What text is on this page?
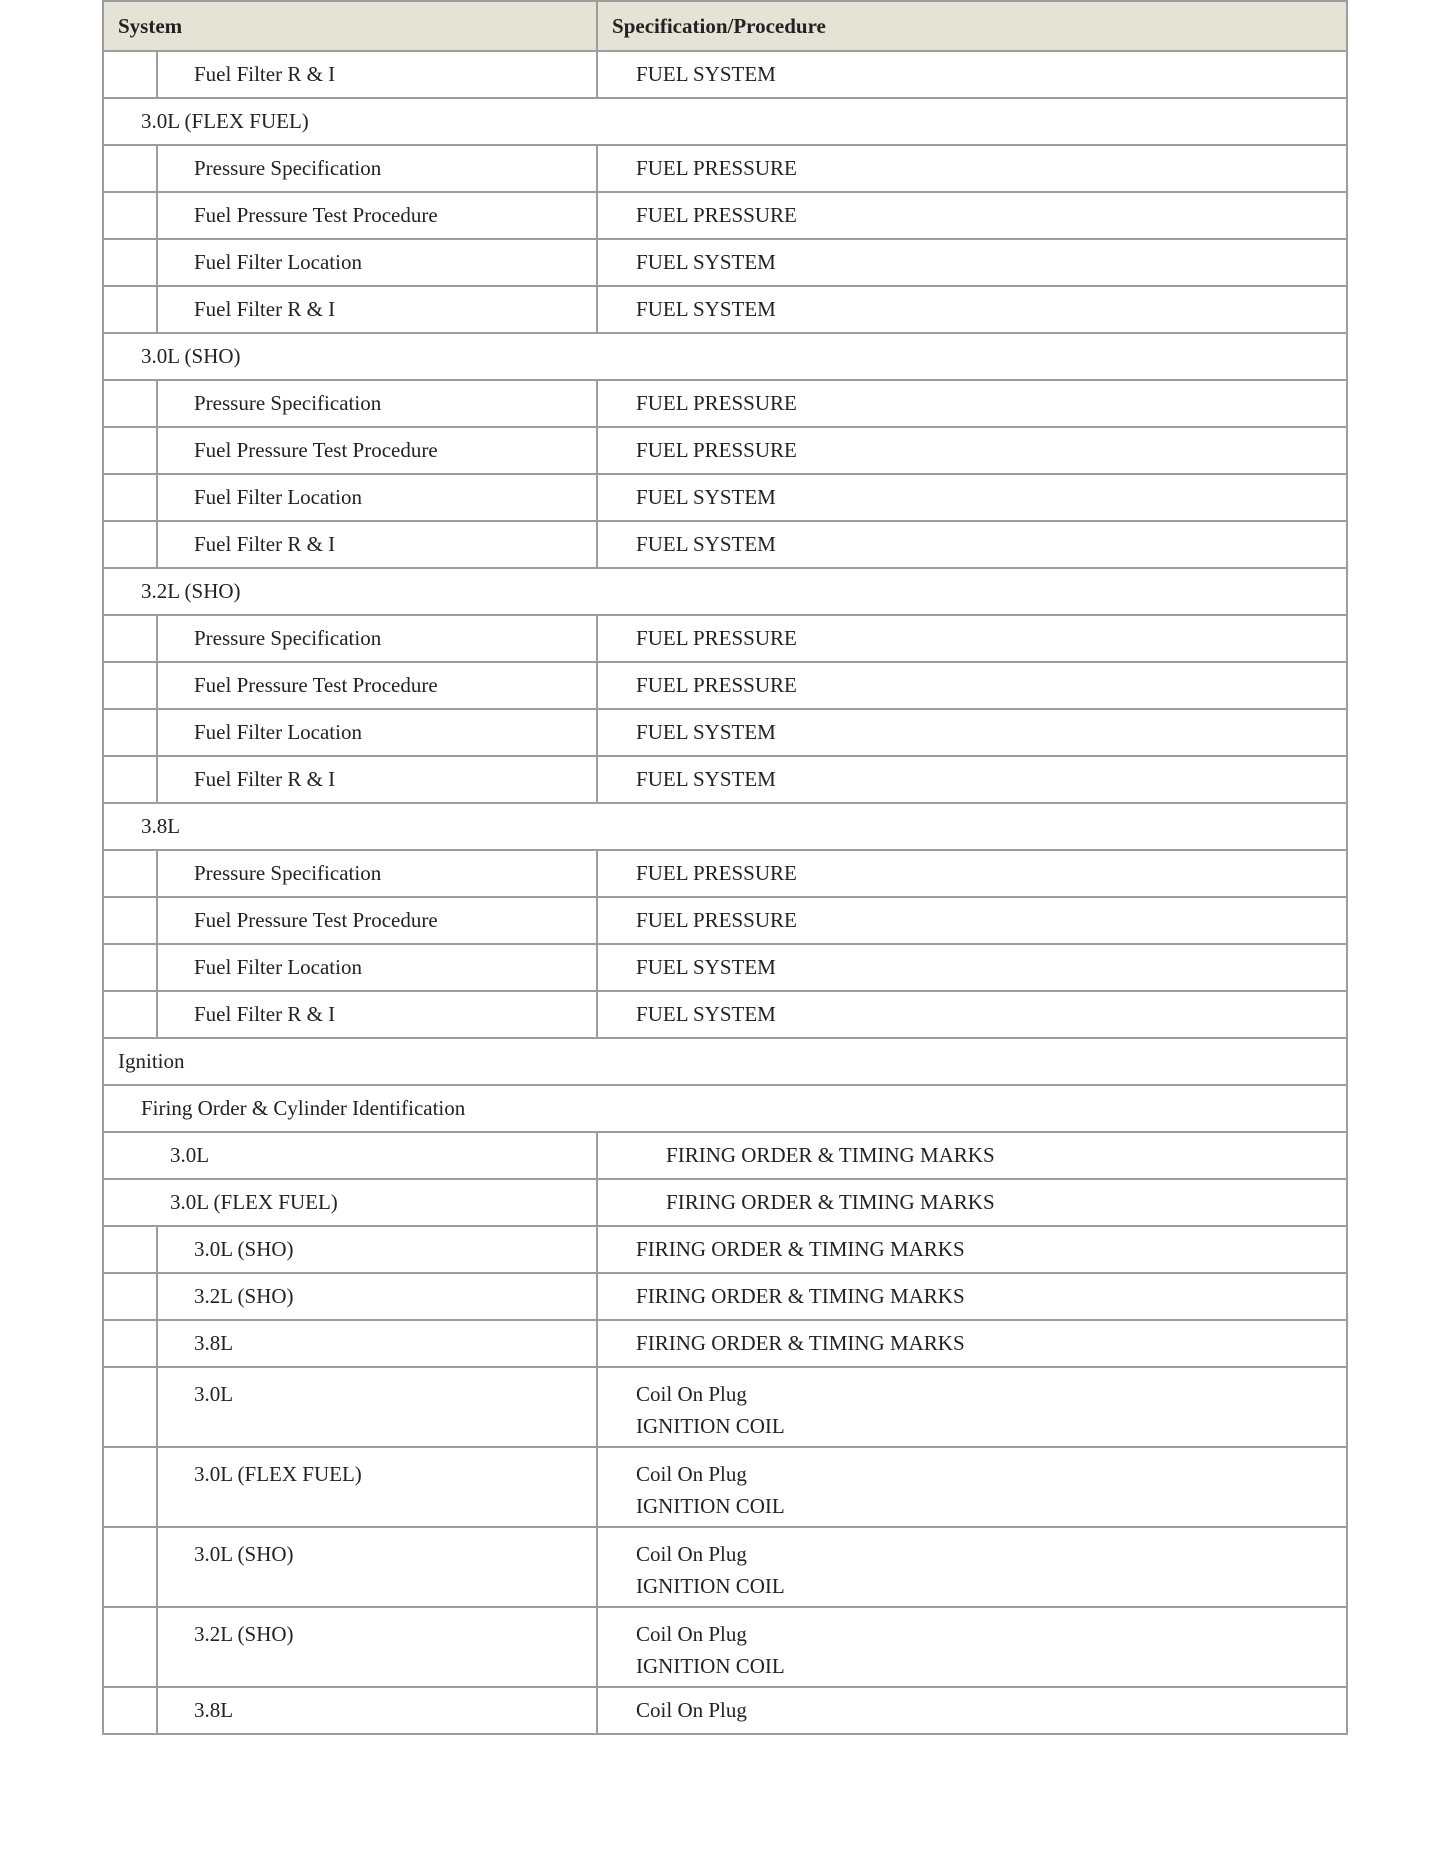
System		Specification/Procedure
	Fuel Filter R & I	FUEL SYSTEM
3.0L (FLEX FUEL)		
	Pressure Specification	FUEL PRESSURE
	Fuel Pressure Test Procedure	FUEL PRESSURE
	Fuel Filter Location	FUEL SYSTEM
	Fuel Filter R & I	FUEL SYSTEM
3.0L (SHO)		
	Pressure Specification	FUEL PRESSURE
	Fuel Pressure Test Procedure	FUEL PRESSURE
	Fuel Filter Location	FUEL SYSTEM
	Fuel Filter R & I	FUEL SYSTEM
3.2L (SHO)		
	Pressure Specification	FUEL PRESSURE
	Fuel Pressure Test Procedure	FUEL PRESSURE
	Fuel Filter Location	FUEL SYSTEM
	Fuel Filter R & I	FUEL SYSTEM
3.8L		
	Pressure Specification	FUEL PRESSURE
	Fuel Pressure Test Procedure	FUEL PRESSURE
	Fuel Filter Location	FUEL SYSTEM
	Fuel Filter R & I	FUEL SYSTEM
Ignition		
Firing Order & Cylinder Identification		
3.0L		FIRING ORDER & TIMING MARKS
3.0L (FLEX FUEL)		FIRING ORDER & TIMING MARKS
	3.0L (SHO)	FIRING ORDER & TIMING MARKS
	3.2L (SHO)	FIRING ORDER & TIMING MARKS
	3.8L	FIRING ORDER & TIMING MARKS

	3.0L	Coil On Plug
IGNITION COIL

	3.0L (FLEX FUEL)	Coil On Plug
IGNITION COIL

	3.0L (SHO)	Coil On Plug
IGNITION COIL

	3.2L (SHO)	Coil On Plug
IGNITION COIL

	3.8L	Coil On Plug
